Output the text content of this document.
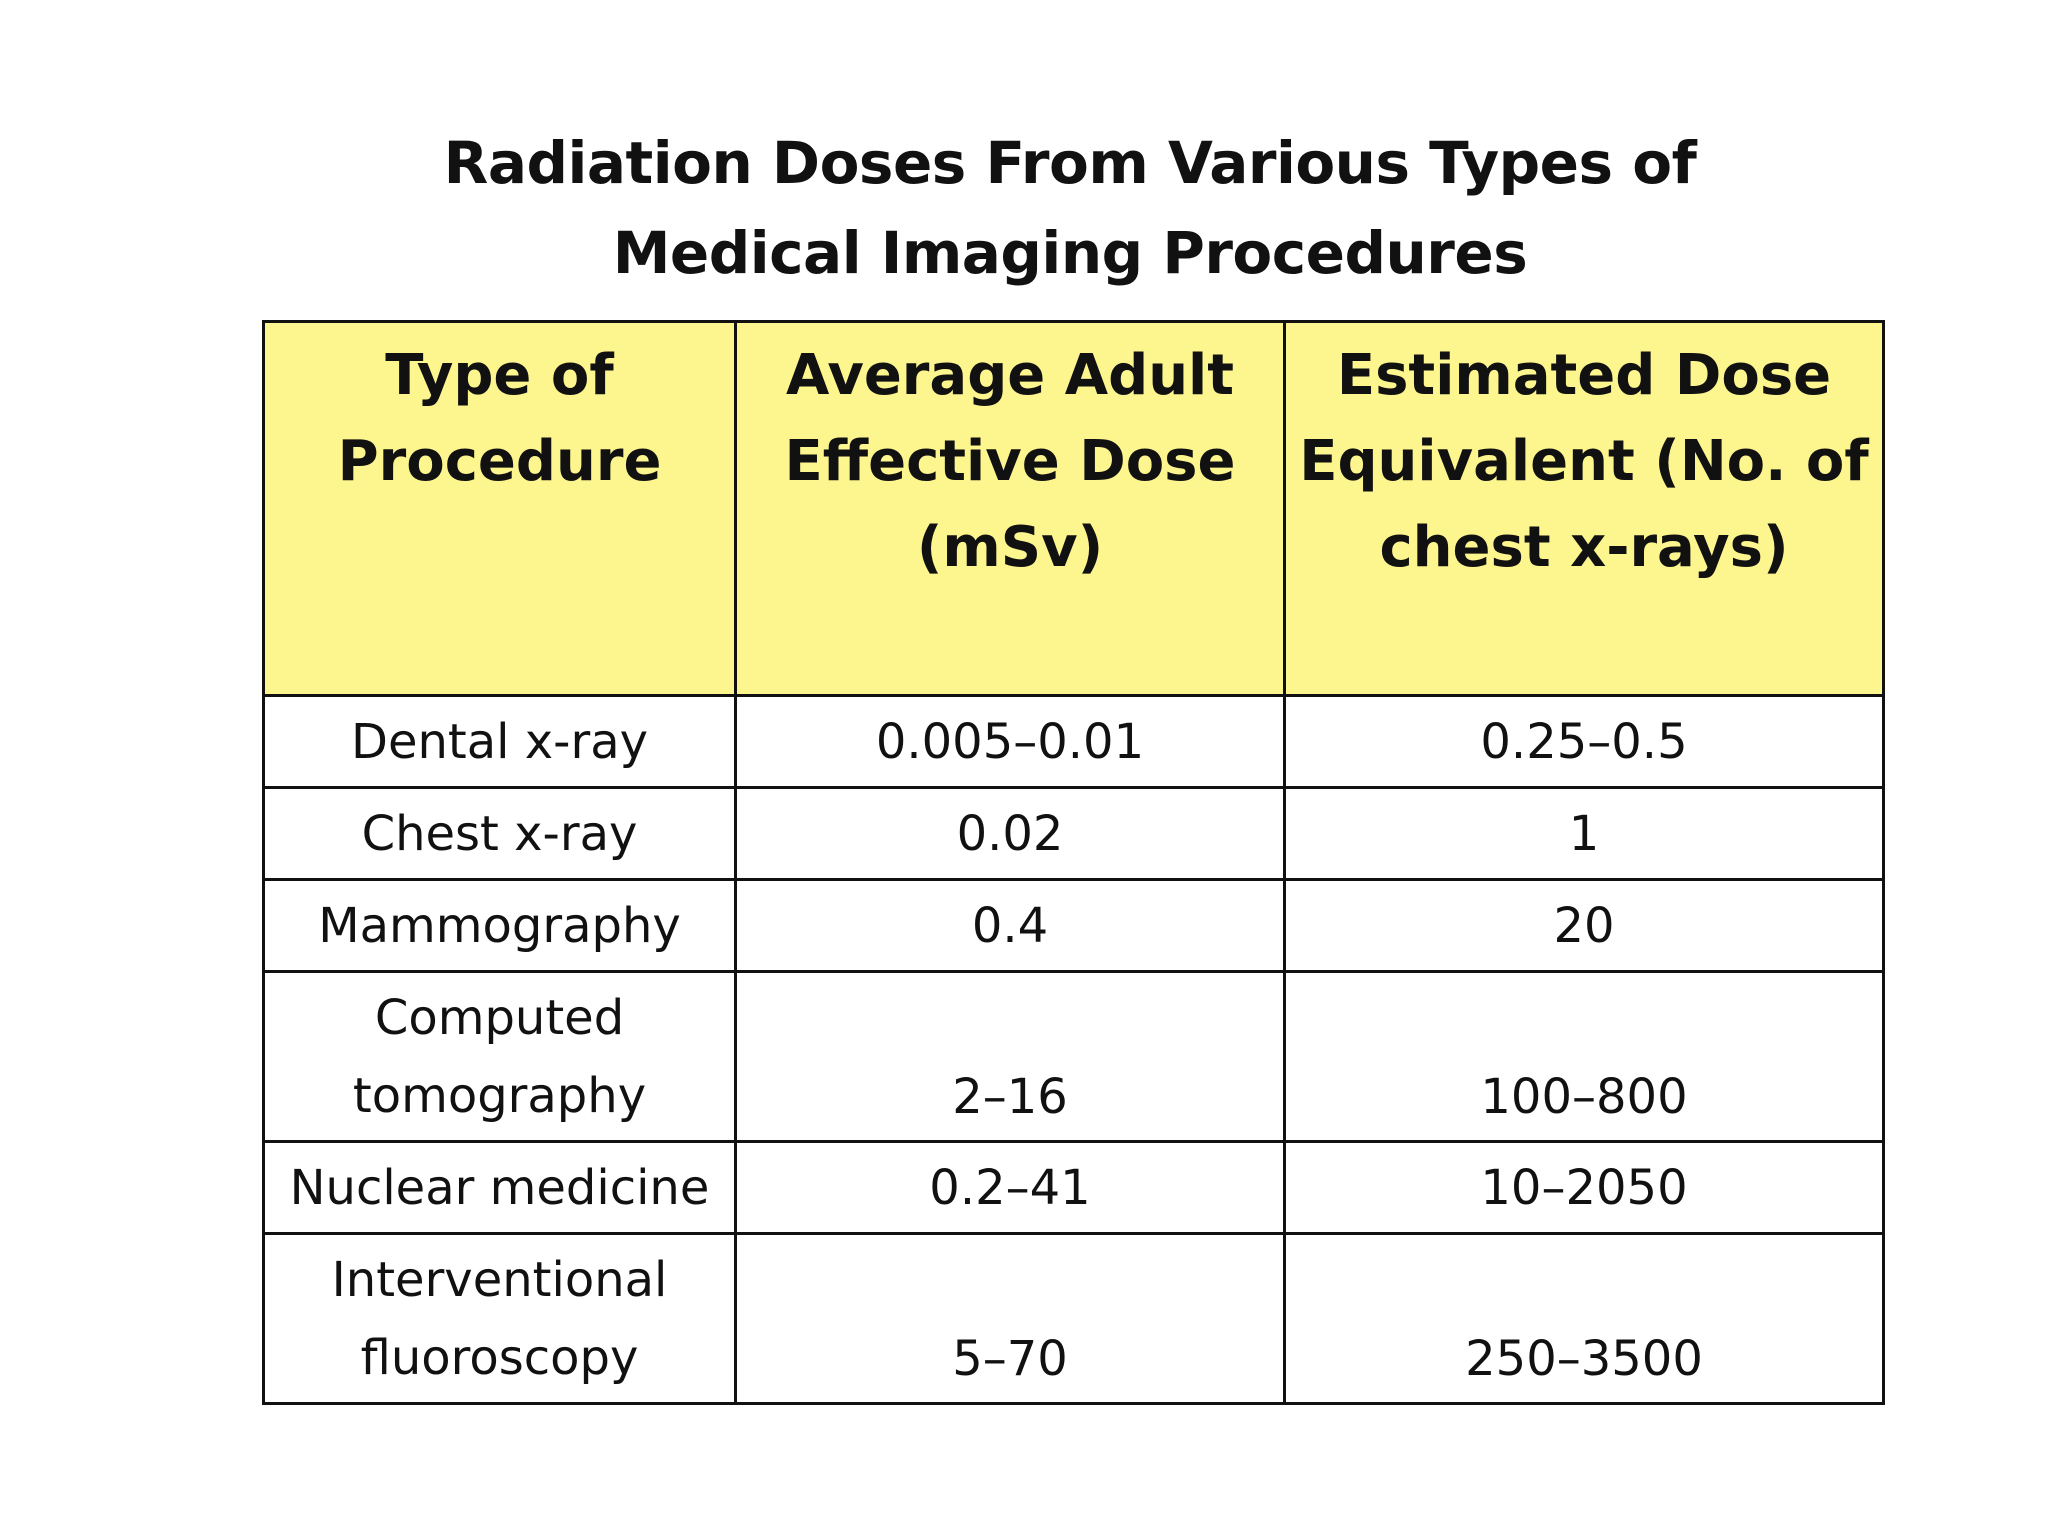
Radiation Doses From Various Types of
Medical Imaging Procedures
Type of Procedure	Average Adult Effective Dose (mSv)	Estimated Dose Equivalent (No. of chest x-rays)
Dental x-ray	0.005–0.01	0.25–0.5
Chest x-ray	0.02	1
Mammography	0.4	20
Computed tomography	2–16	100–800
Nuclear medicine	0.2–41	10–2050
Interventional fluoroscopy	5–70	250–3500
